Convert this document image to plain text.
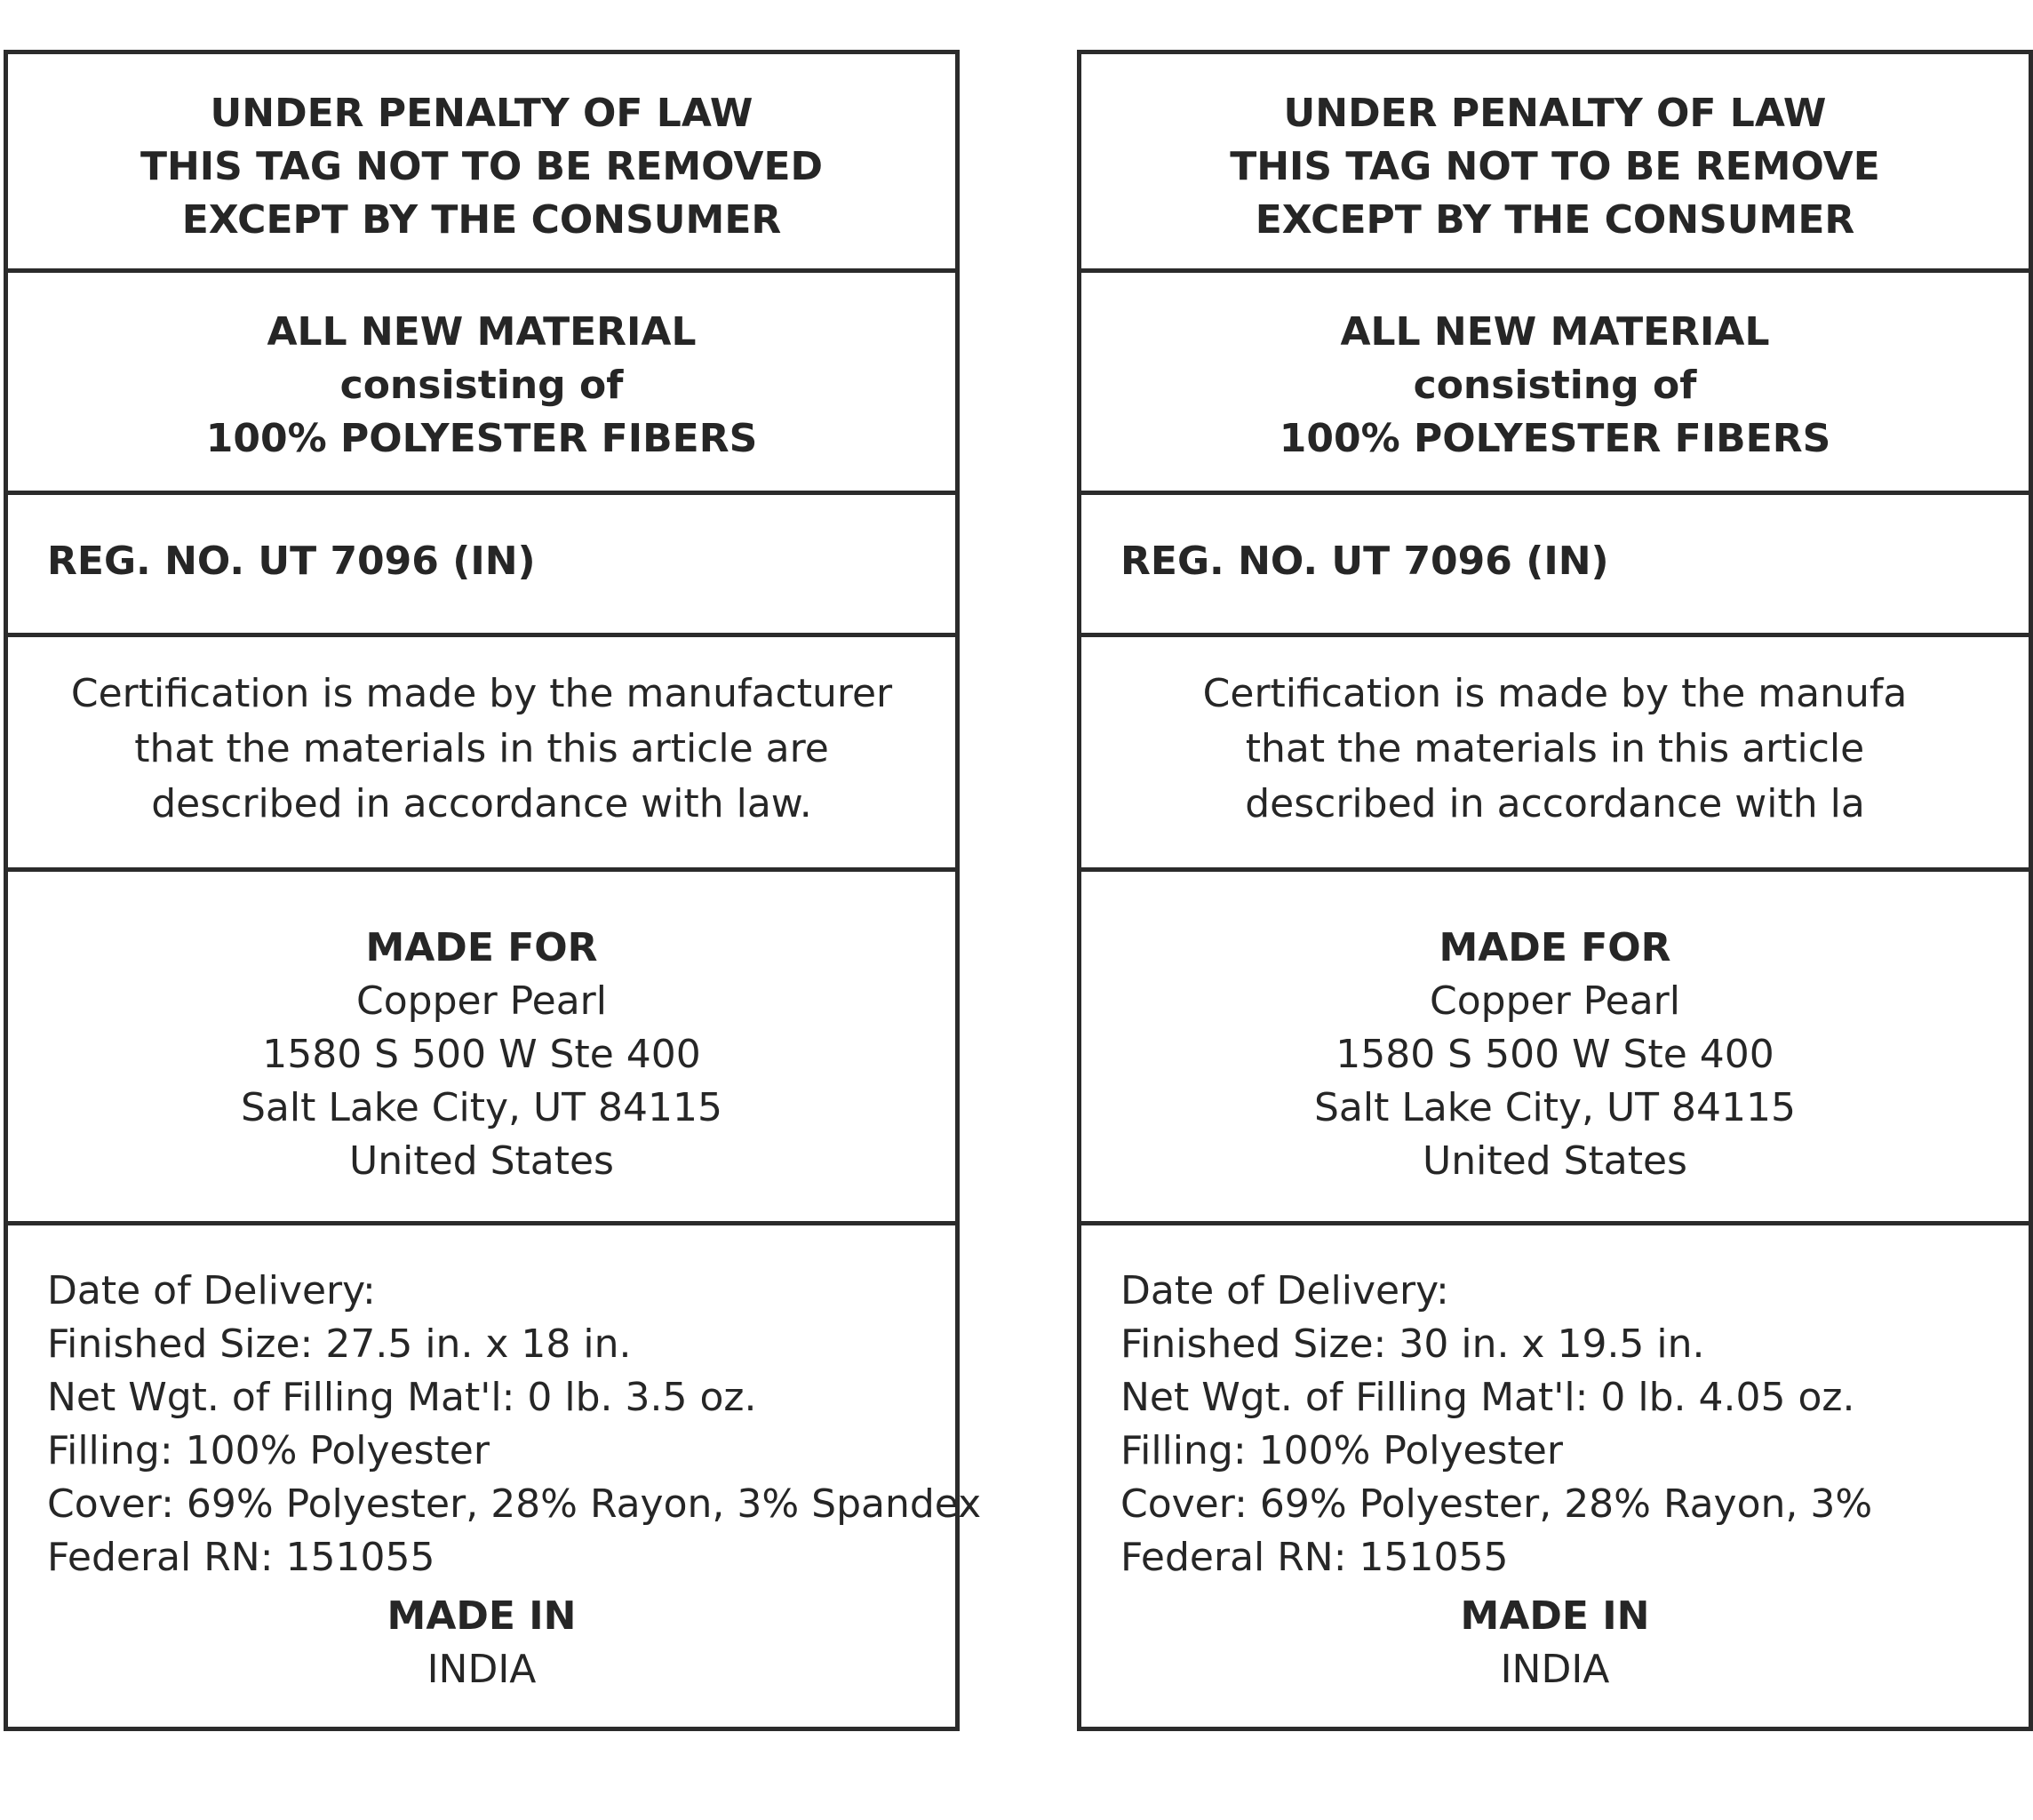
UNDER PENALTY OF LAW
THIS TAG NOT TO BE REMOVED
EXCEPT BY THE CONSUMER
ALL NEW MATERIAL
consisting of
100% POLYESTER FIBERS
REG. NO. UT 7096 (IN)
Certification is made by the manufacturer
that the materials in this article are
described in accordance with law.
MADE FOR
Copper Pearl
1580 S 500 W Ste 400
Salt Lake City, UT 84115
United States
Date of Delivery:
Finished Size: 27.5 in. x 18 in.
Net Wgt. of Filling Mat'l: 0 lb. 3.5 oz.
Filling: 100% Polyester
Cover: 69% Polyester, 28% Rayon, 3% Spandex
Federal RN: 151055
MADE IN
INDIA
UNDER PENALTY OF LAW
THIS TAG NOT TO BE REMOVE
EXCEPT BY THE CONSUMER
ALL NEW MATERIAL
consisting of
100% POLYESTER FIBERS
REG. NO. UT 7096 (IN)
Certification is made by the manufa
that the materials in this article
described in accordance with la
MADE FOR
Copper Pearl
1580 S 500 W Ste 400
Salt Lake City, UT 84115
United States
Date of Delivery:
Finished Size: 30 in. x 19.5 in.
Net Wgt. of Filling Mat'l: 0 lb. 4.05 oz.
Filling: 100% Polyester
Cover: 69% Polyester, 28% Rayon, 3%
Federal RN: 151055
MADE IN
INDIA
